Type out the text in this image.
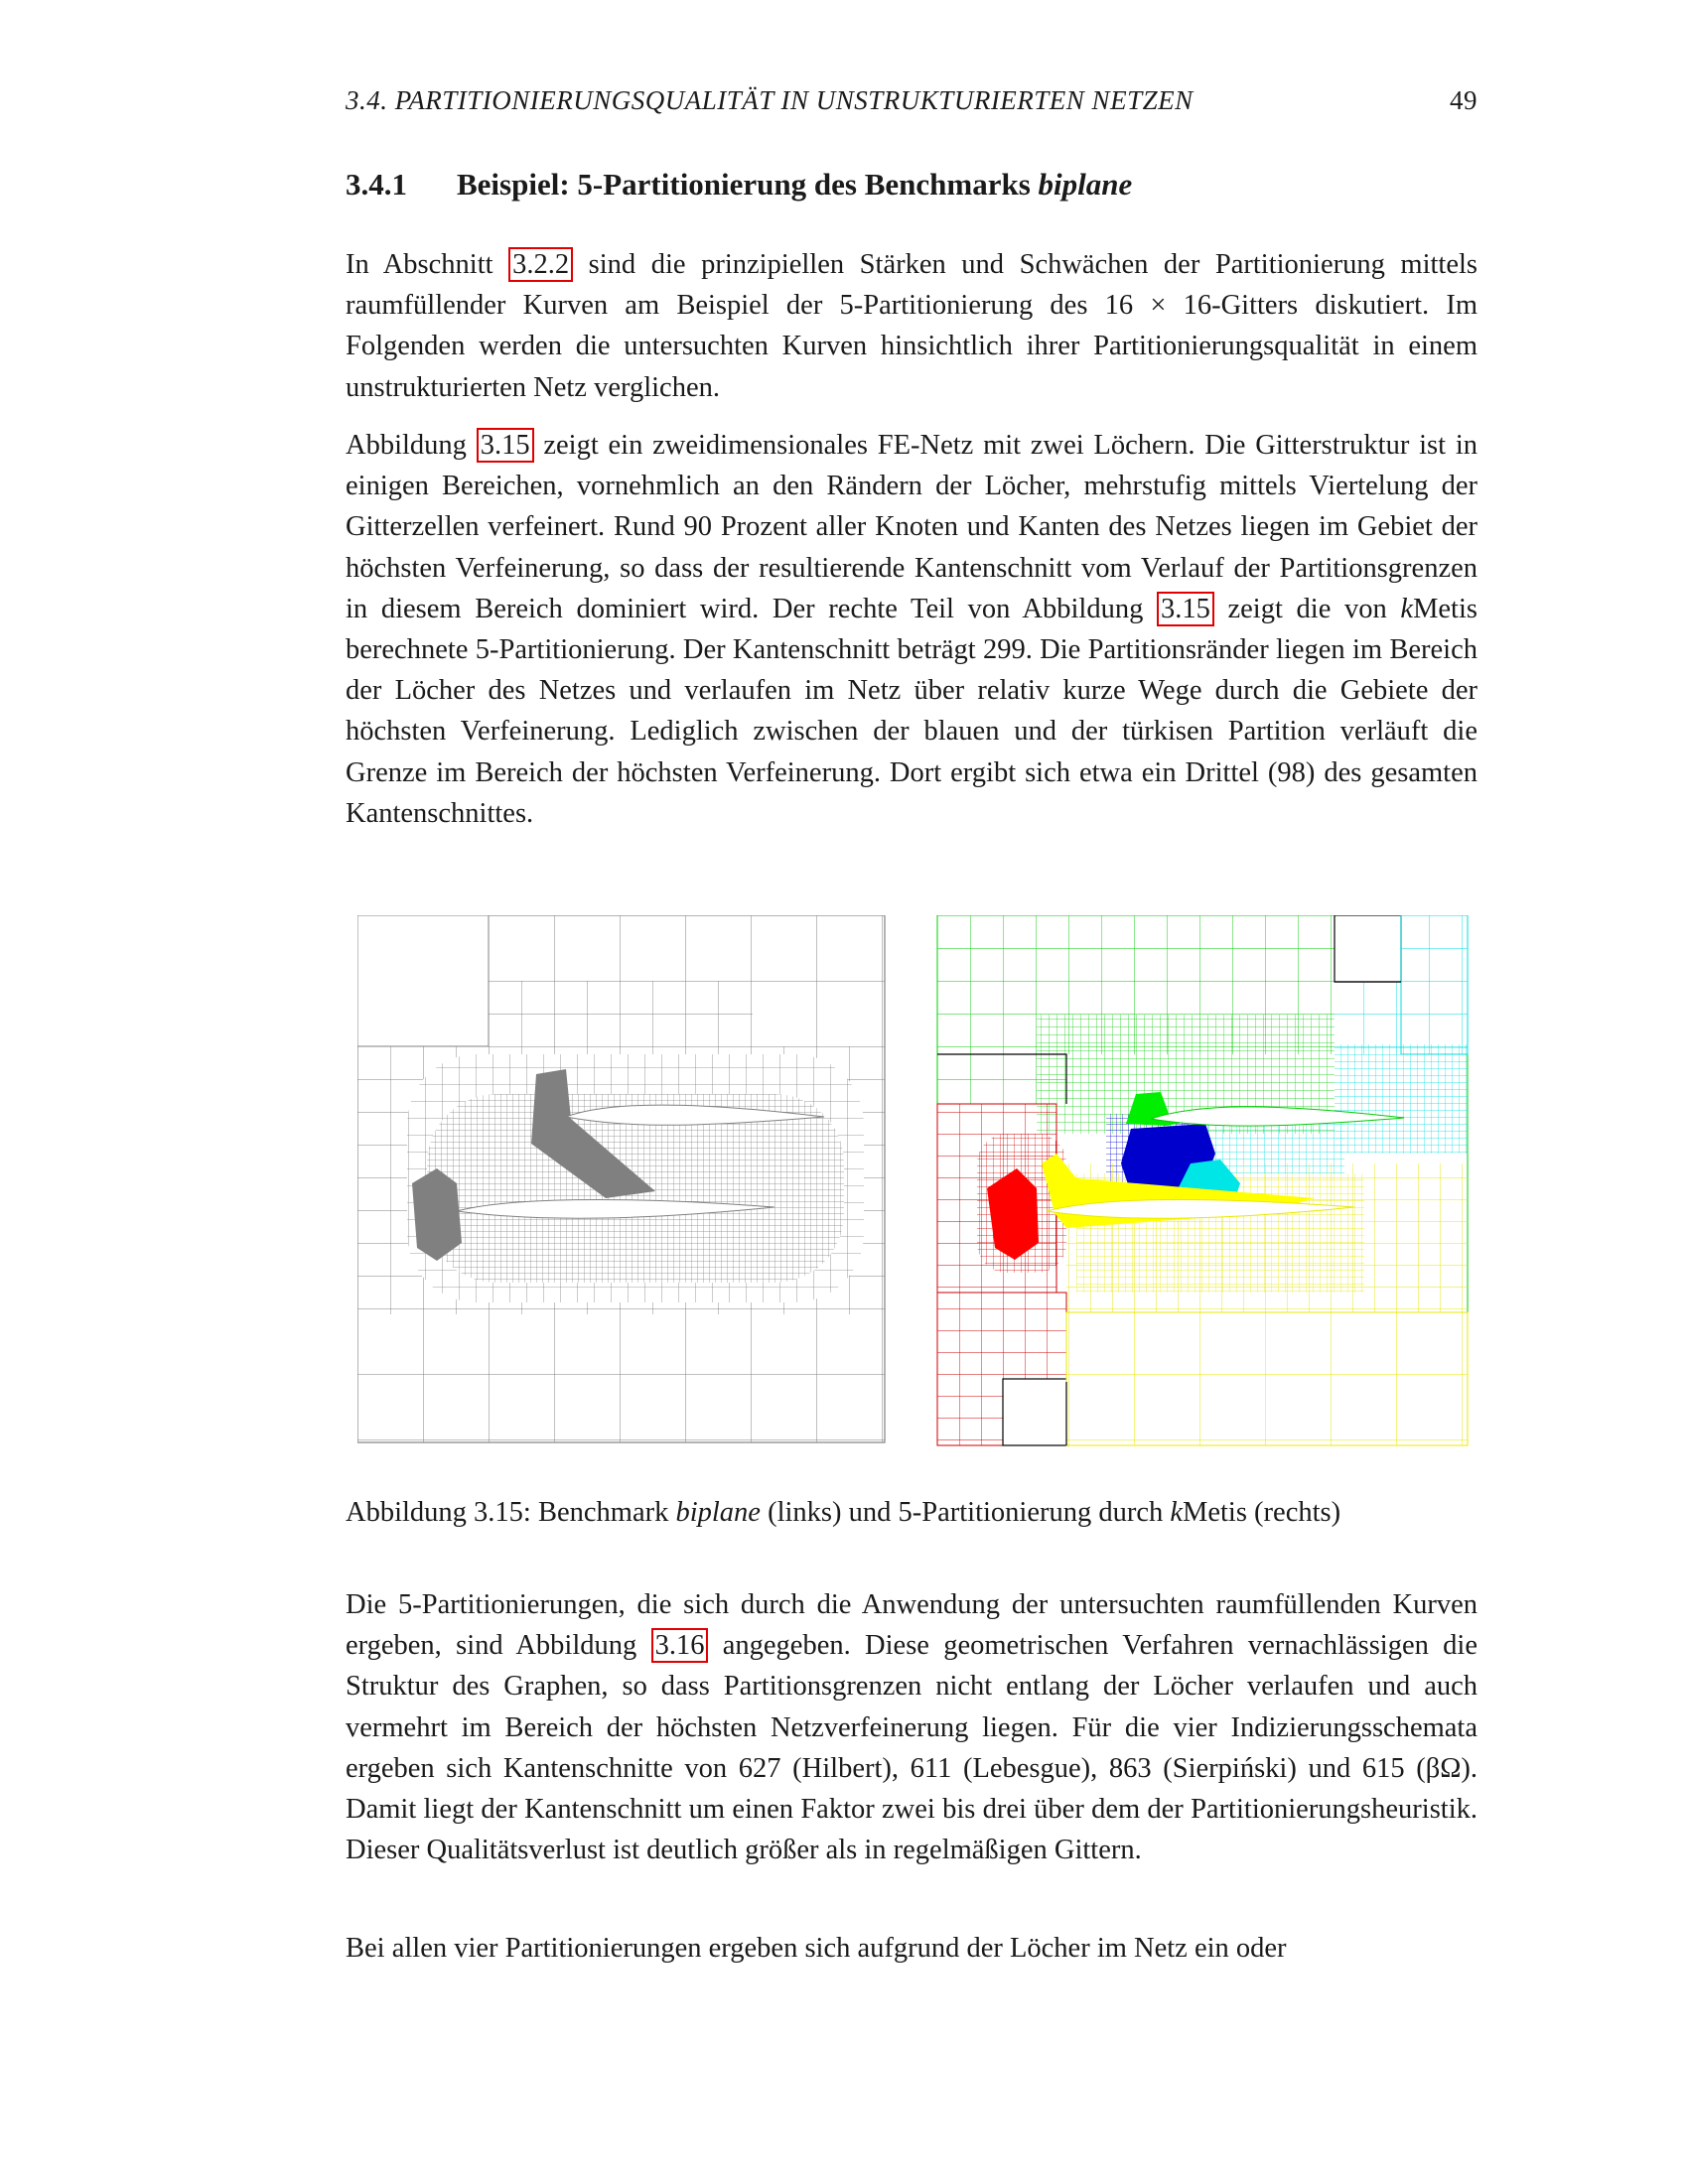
3.4. PARTITIONIERUNGSQUALITÄT IN UNSTRUKTURIERTEN NETZEN	49
3.4.1 Beispiel: 5-Partitionierung des Benchmarks biplane

In Abschnitt 3.2.2 sind die prinzipiellen Stärken und Schwächen der Partitionierung mittels raumfüllender Kurven am Beispiel der 5-Partitionierung des 16 × 16-Gitters diskutiert. Im Folgenden werden die untersuchten Kurven hinsichtlich ihrer Partitionierungsqualität in einem unstrukturierten Netz verglichen.

Abbildung 3.15 zeigt ein zweidimensionales FE-Netz mit zwei Löchern. Die Gitterstruktur ist in einigen Bereichen, vornehmlich an den Rändern der Löcher, mehrstufig mittels Viertelung der Gitterzellen verfeinert. Rund 90 Prozent aller Knoten und Kanten des Netzes liegen im Gebiet der höchsten Verfeinerung, so dass der resultierende Kantenschnitt vom Verlauf der Partitionsgrenzen in diesem Bereich dominiert wird. Der rechte Teil von Abbildung 3.15 zeigt die von kMetis berechnete 5-Partitionierung. Der Kantenschnitt beträgt 299. Die Partitionsränder liegen im Bereich der Löcher des Netzes und verlaufen im Netz über relativ kurze Wege durch die Gebiete der höchsten Verfeinerung. Lediglich zwischen der blauen und der türkisen Partition verläuft die Grenze im Bereich der höchsten Verfeinerung. Dort ergibt sich etwa ein Drittel (98) des gesamten Kantenschnittes.

Abbildung 3.15: Benchmark biplane (links) und 5-Partitionierung durch kMetis (rechts)

Die 5-Partitionierungen, die sich durch die Anwendung der untersuchten raumfüllenden Kurven ergeben, sind Abbildung 3.16 angegeben. Diese geometrischen Verfahren vernachlässigen die Struktur des Graphen, so dass Partitionsgrenzen nicht entlang der Löcher verlaufen und auch vermehrt im Bereich der höchsten Netzverfeinerung liegen. Für die vier Indizierungsschemata ergeben sich Kantenschnitte von 627 (Hilbert), 611 (Lebesgue), 863 (Sierpiński) und 615 (βΩ). Damit liegt der Kantenschnitt um einen Faktor zwei bis drei über dem der Partitionierungsheuristik. Dieser Qualitätsverlust ist deutlich größer als in regelmäßigen Gittern.

Bei allen vier Partitionierungen ergeben sich aufgrund der Löcher im Netz ein oder
